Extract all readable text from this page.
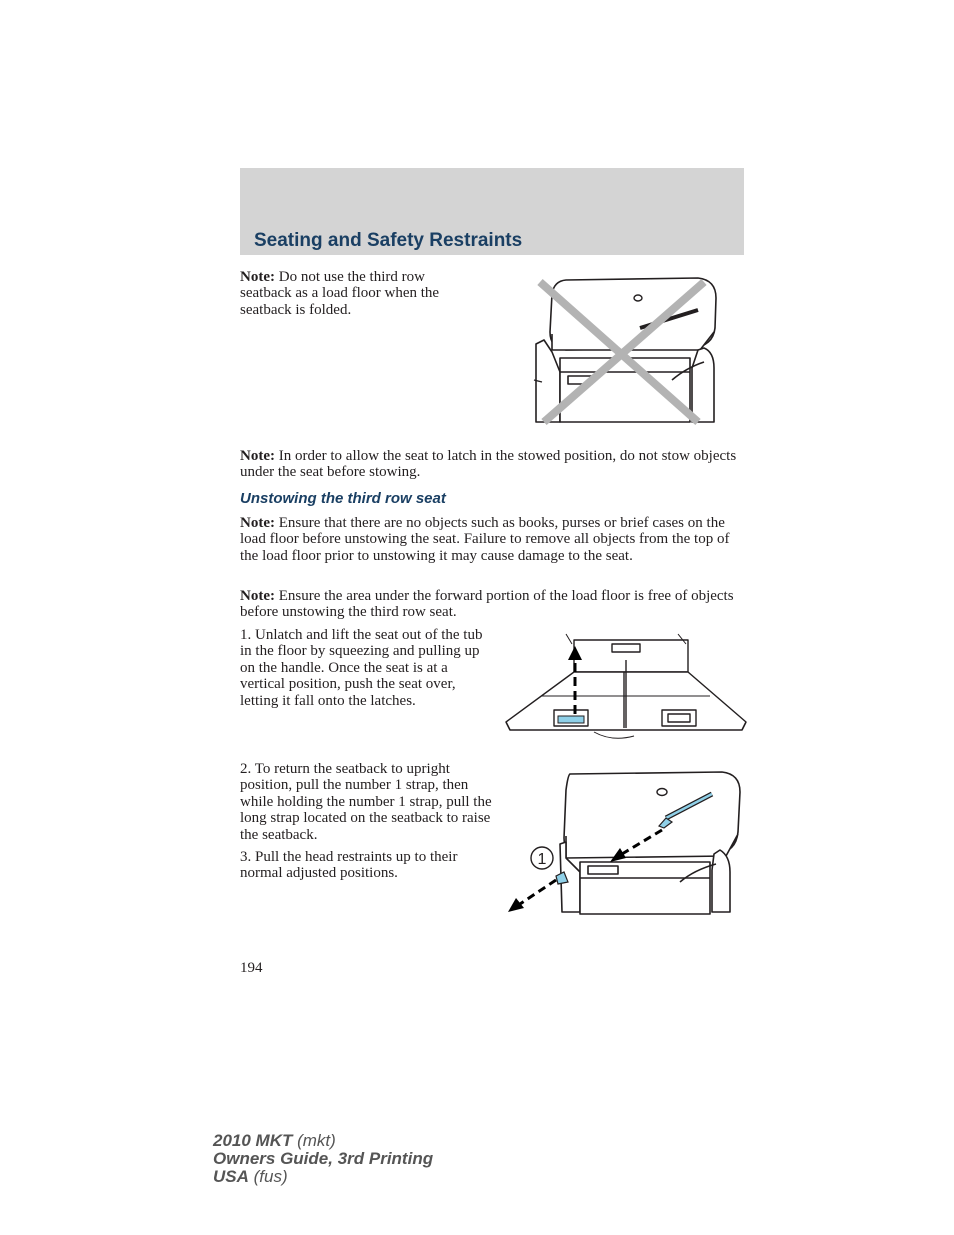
Seating and Safety Restraints

Note: Do not use the third row seatback as a load floor when the seatback is folded.

Note: In order to allow the seat to latch in the stowed position, do not stow objects under the seat before stowing.

Unstowing the third row seat

Note: Ensure that there are no objects such as books, purses or brief cases on the load floor before unstowing the seat. Failure to remove all objects from the top of the load floor prior to unstowing it may cause damage to the seat.

Note: Ensure the area under the forward portion of the load floor is free of objects before unstowing the third row seat.

1. Unlatch and lift the seat out of the tub in the floor by squeezing and pulling up on the handle. Once the seat is at a vertical position, push the seat over, letting it fall onto the latches.

2. To return the seatback to upright position, pull the number 1 strap, then while holding the number 1 strap, pull the long strap located on the seatback to raise the seatback.

3. Pull the head restraints up to their normal adjusted positions.

1

194

2010 MKT (mkt)
Owners Guide, 3rd Printing
USA (fus)
